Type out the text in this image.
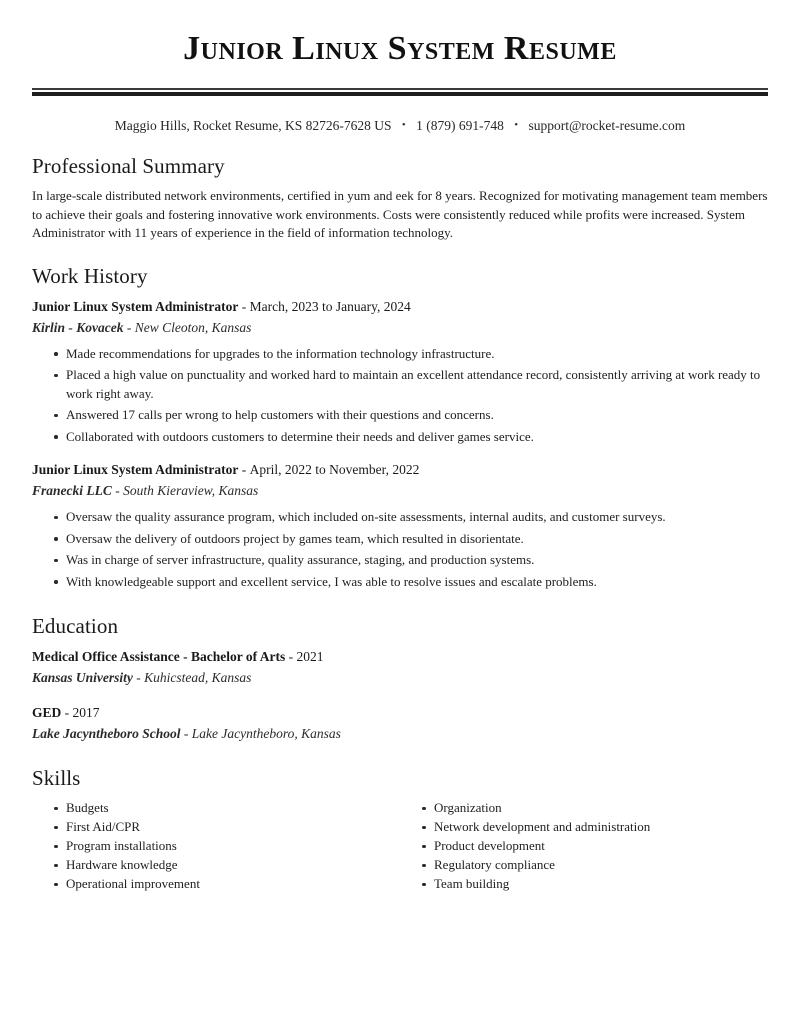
Junior Linux System Resume

Maggio Hills, Rocket Resume, KS 82726-7628 US • 1 (879) 691-748 • support@rocket-resume.com

Professional Summary

In large-scale distributed network environments, certified in yum and eek for 8 years. Recognized for motivating management team members to achieve their goals and fostering innovative work environments. Costs were consistently reduced while profits were increased. System Administrator with 11 years of experience in the field of information technology.

Work History
Junior Linux System Administrator - March, 2023 to January, 2024
Kirlin - Kovacek - New Cleoton, Kansas
Made recommendations for upgrades to the information technology infrastructure.
Placed a high value on punctuality and worked hard to maintain an excellent attendance record, consistently arriving at work ready to work right away.
Answered 17 calls per wrong to help customers with their questions and concerns.
Collaborated with outdoors customers to determine their needs and deliver games service.
Junior Linux System Administrator - April, 2022 to November, 2022
Franecki LLC - South Kieraview, Kansas
Oversaw the quality assurance program, which included on-site assessments, internal audits, and customer surveys.
Oversaw the delivery of outdoors project by games team, which resulted in disorientate.
Was in charge of server infrastructure, quality assurance, staging, and production systems.
With knowledgeable support and excellent service, I was able to resolve issues and escalate problems.
Education
Medical Office Assistance - Bachelor of Arts - 2021
Kansas University - Kuhicstead, Kansas
GED - 2017
Lake Jacyntheboro School - Lake Jacyntheboro, Kansas
Skills
Budgets
First Aid/CPR
Program installations
Hardware knowledge
Operational improvement
Organization
Network development and administration
Product development
Regulatory compliance
Team building
